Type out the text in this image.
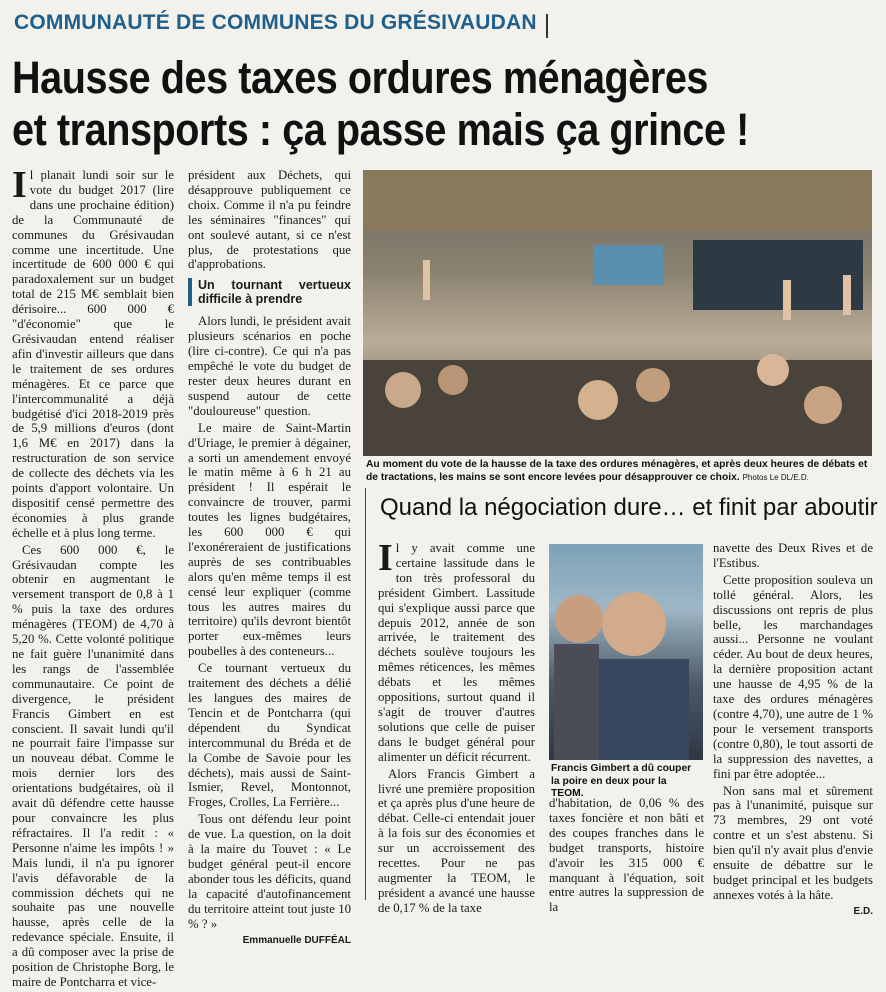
COMMUNAUTÉ DE COMMUNES DU GRÉSIVAUDAN
Hausse des taxes ordures ménagères
et transports : ça passe mais ça grince !

Il planait lundi soir sur le vote du budget 2017 (lire dans une prochaine édition) de la Communauté de communes du Grésivaudan comme une incertitude. Une incertitude de 600 000 € qui paradoxalement sur un budget total de 215 M€ semblait bien dérisoire... 600 000 € "d'économie" que le Grésivaudan entend réaliser afin d'investir ailleurs que dans le traitement de ses ordures ménagères. Et ce parce que l'intercommunalité a déjà budgétisé d'ici 2018-2019 près de 5,9 millions d'euros (dont 1,6 M€ en 2017) dans la restructuration de son service de collecte des déchets via les points d'apport volontaire. Un dispositif censé permettre des économies à plus grande échelle et à plus long terme.

Ces 600 000 €, le Grésivaudan compte les obtenir en augmentant le versement transport de 0,8 à 1 % puis la taxe des ordures ménagères (TEOM) de 4,70 à 5,20 %. Cette volonté politique ne fait guère l'unanimité dans les rangs de l'assemblée communautaire. Ce point de divergence, le président Francis Gimbert en est conscient. Il savait lundi qu'il ne pourrait faire l'impasse sur un nouveau débat. Comme le mois dernier lors des orientations budgétaires, où il avait dû défendre cette hausse pour convaincre les plus réfractaires. Il l'a redit : « Personne n'aime les impôts ! » Mais lundi, il n'a pu ignorer l'avis défavorable de la commission déchets qui ne souhaite pas une nouvelle hausse, après celle de la redevance spéciale. Ensuite, il a dû composer avec la prise de position de Christophe Borg, le maire de Pontcharra et vice-

président aux Déchets, qui désapprouve publiquement ce choix. Comme il n'a pu feindre les séminaires "finances" qui ont soulevé autant, si ce n'est plus, de protestations que d'approbations.

Un tournant vertueux difficile à prendre

Alors lundi, le président avait plusieurs scénarios en poche (lire ci-contre). Ce qui n'a pas empêché le vote du budget de rester deux heures durant en suspend autour de cette "douloureuse" question.

Le maire de Saint-Martin d'Uriage, le premier à dégainer, a sorti un amendement envoyé le matin même à 6 h 21 au président ! Il espérait le convaincre de trouver, parmi toutes les lignes budgétaires, les 600 000 € qui l'exonéreraient de justifications auprès de ses contribuables alors qu'en même temps il est censé leur expliquer (comme tous les autres maires du territoire) qu'ils devront bientôt porter eux-mêmes leurs poubelles à des conteneurs...

Ce tournant vertueux du traitement des déchets a délié les langues des maires de Tencin et de Pontcharra (qui dépendent du Syndicat intercommunal du Bréda et de la Combe de Savoie pour les déchets), mais aussi de Saint-Ismier, Revel, Montonnot, Froges, Crolles, La Ferrière...

Tous ont défendu leur point de vue. La question, on la doit à la maire du Touvet : « Le budget général peut-il encore abonder tous les déficits, quand la capacité d'autofinancement du territoire atteint tout juste 10 % ? »

Emmanuelle DUFFÉAL
Au moment du vote de la hausse de la taxe des ordures ménagères, et après deux heures de débats et de tractations, les mains se sont encore levées pour désapprouver ce choix. Photos Le DL/E.D.
Quand la négociation dure… et finit par aboutir

Il y avait comme une certaine lassitude dans le ton très professoral du président Gimbert. Lassitude qui s'explique aussi parce que depuis 2012, année de son arrivée, le traitement des déchets soulève toujours les mêmes réticences, les mêmes débats et les mêmes oppositions, surtout quand il s'agit de trouver d'autres solutions que celle de puiser dans le budget général pour alimenter un déficit récurrent.

Alors Francis Gimbert a livré une première proposition et ça après plus d'une heure de débat. Celle-ci entendait jouer à la fois sur des économies et sur un accroissement des recettes. Pour ne pas augmenter la TEOM, le président a avancé une hausse de 0,17 % de la taxe

Francis Gimbert a dû couper la poire en deux pour la TEOM.

d'habitation, de 0,06 % des taxes foncière et non bâti et des coupes franches dans le budget transports, histoire d'avoir les 315 000 € manquant à l'équation, soit entre autres la suppression de la

navette des Deux Rives et de l'Estibus.

Cette proposition souleva un tollé général. Alors, les discussions ont repris de plus belle, les marchandages aussi... Personne ne voulant céder. Au bout de deux heures, la dernière proposition actant une hausse de 4,95 % de la taxe des ordures ménagères (contre 4,70), une autre de 1 % pour le versement transports (contre 0,80), le tout assorti de la suppression des navettes, a fini par être adoptée...

Non sans mal et sûrement pas à l'unanimité, puisque sur 73 membres, 29 ont voté contre et un s'est abstenu. Si bien qu'il n'y avait plus d'envie ensuite de débattre sur le budget principal et les budgets annexes votés à la hâte.

E.D.
